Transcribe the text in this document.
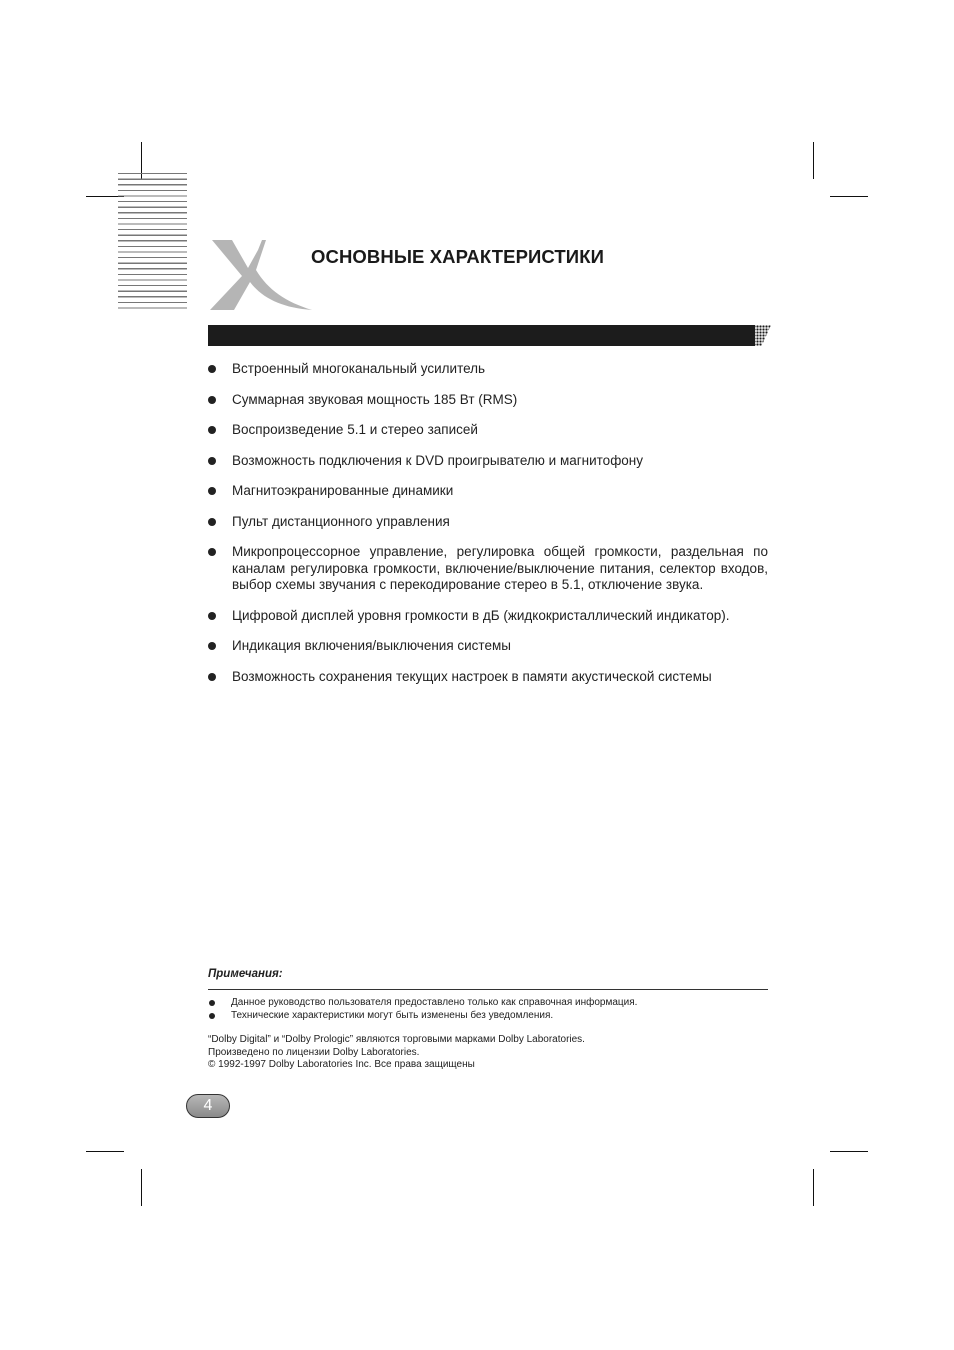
ОСНОВНЫЕ ХАРАКТЕРИСТИКИ
Встроенный многоканальный усилитель
Суммарная звуковая мощность 185 Вт (RMS)
Воспроизведение 5.1 и стерео записей
Возможность подключения к DVD проигрывателю и магнитофону
Магнитоэкранированные динамики
Пульт дистанционного управления
Микропроцессорное управление, регулировка общей громкости, раздельная по каналам регулировка громкости, включение/выключение питания, селектор входов, выбор схемы звучания с перекодирование стерео в 5.1, отключение звука.
Цифровой дисплей уровня громкости в дБ (жидкокристаллический индикатор).
Индикация включения/выключения системы
Возможность сохранения текущих настроек в памяти акустической системы
Примечания:
Данное руководство пользователя предоставлено только как справочная информация.
Технические характеристики могут быть изменены без уведомления.
“Dolby Digital” и “Dolby Prologic” являются торговыми марками Dolby Laboratories.
Произведено по лицензии Dolby Laboratories.
© 1992-1997 Dolby Laboratories Inc. Все права защищены
4
